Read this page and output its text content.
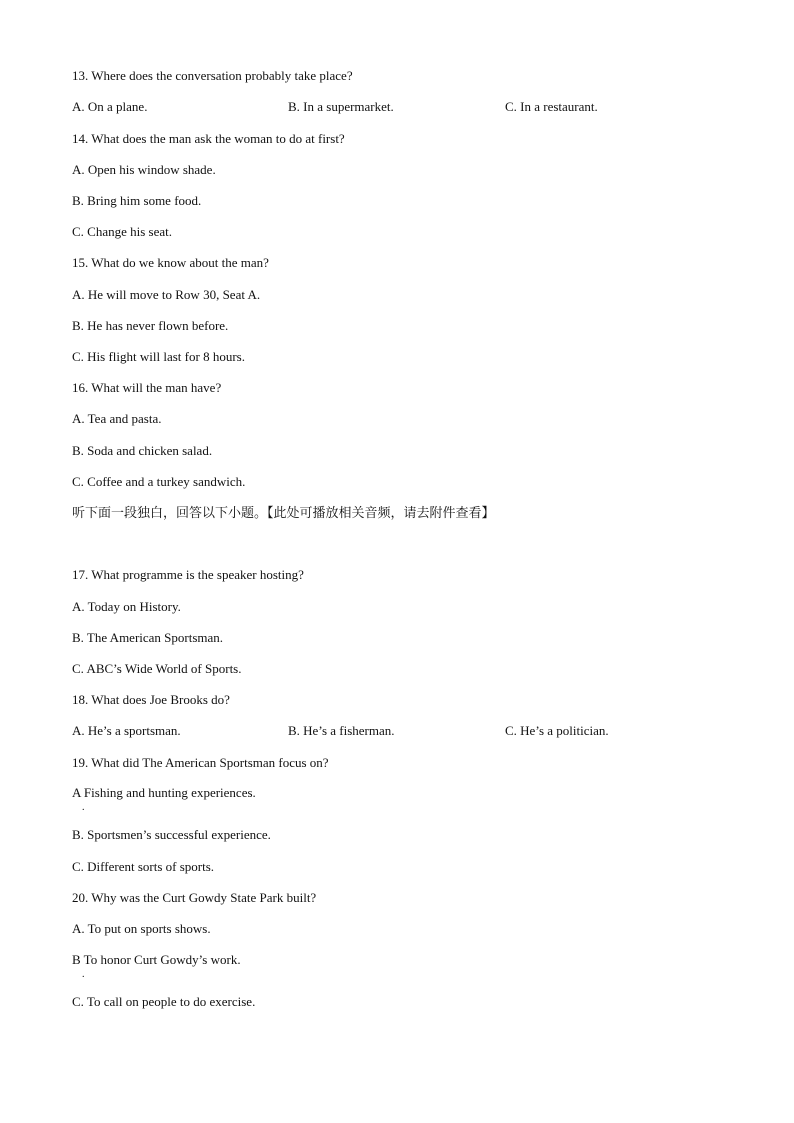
13. Where does the conversation probably take place?
A. On a plane.	B. In a supermarket.	C. In a restaurant.
14. What does the man ask the woman to do at first?
A. Open his window shade.
B. Bring him some food.
C. Change his seat.
15. What do we know about the man?
A. He will move to Row 30, Seat A.
B. He has never flown before.
C. His flight will last for 8 hours.
16. What will the man have?
A. Tea and pasta.
B. Soda and chicken salad.
C. Coffee and a turkey sandwich.
听下面一段独白，回答以下小题。【此处可播放相关音频，请去附件查看】
17. What programme is the speaker hosting?
A. Today on History.
B. The American Sportsman.
C. ABC’s Wide World of Sports.
18. What does Joe Brooks do?
A. He’s a sportsman.	B. He’s a fisherman.	C. He’s a politician.
19. What did The American Sportsman focus on?
A Fishing and hunting experiences.
.
B. Sportsmen’s successful experience.
C. Different sorts of sports.
20. Why was the Curt Gowdy State Park built?
A. To put on sports shows.
B To honor Curt Gowdy’s work.
.
C. To call on people to do exercise.
